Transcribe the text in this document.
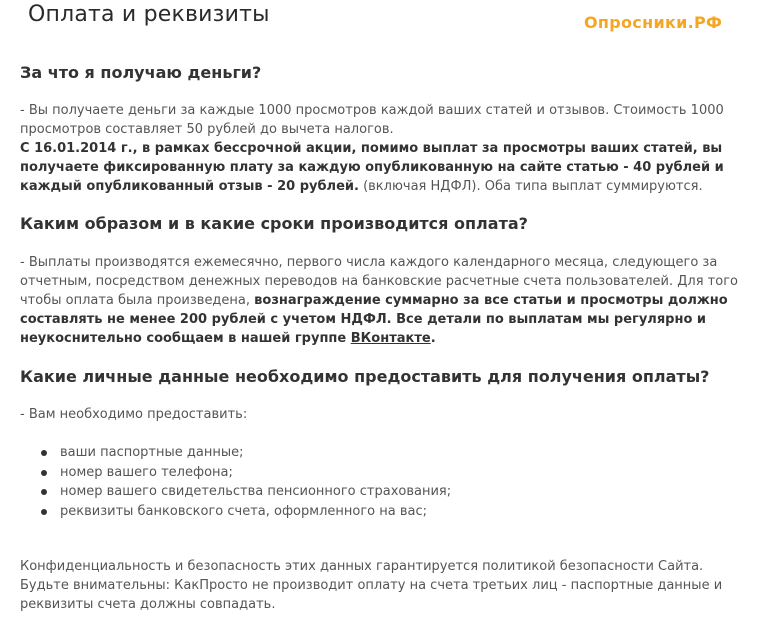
Оплата и реквизиты	Опросники.РФ
За что я получаю деньги?
- Вы получаете деньги за каждые 1000 просмотров каждой ваших статей и отзывов. Стоимость 1000 просмотров составляет 50 рублей до вычета налогов.
С 16.01.2014 г., в рамках бессрочной акции, помимо выплат за просмотры ваших статей, вы получаете фиксированную плату за каждую опубликованную на сайте статью - 40 рублей и каждый опубликованный отзыв - 20 рублей. (включая НДФЛ). Оба типа выплат суммируются.
Каким образом и в какие сроки производится оплата?
- Выплаты производятся ежемесячно, первого числа каждого календарного месяца, следующего за отчетным, посредством денежных переводов на банковские расчетные счета пользователей. Для того чтобы оплата была произведена, вознаграждение суммарно за все статьи и просмотры должно составлять не менее 200 рублей с учетом НДФЛ. Все детали по выплатам мы регулярно и неукоснительно сообщаем в нашей группе ВКонтакте.
Какие личные данные необходимо предоставить для получения оплаты?
- Вам необходимо предоставить:
ваши паспортные данные;
номер вашего телефона;
номер вашего свидетельства пенсионного страхования;
реквизиты банковского счета, оформленного на вас;
Конфиденциальность и безопасность этих данных гарантируется политикой безопасности Сайта. Будьте внимательны: КакПросто не производит оплату на счета третьих лиц - паспортные данные и реквизиты счета должны совпадать.
